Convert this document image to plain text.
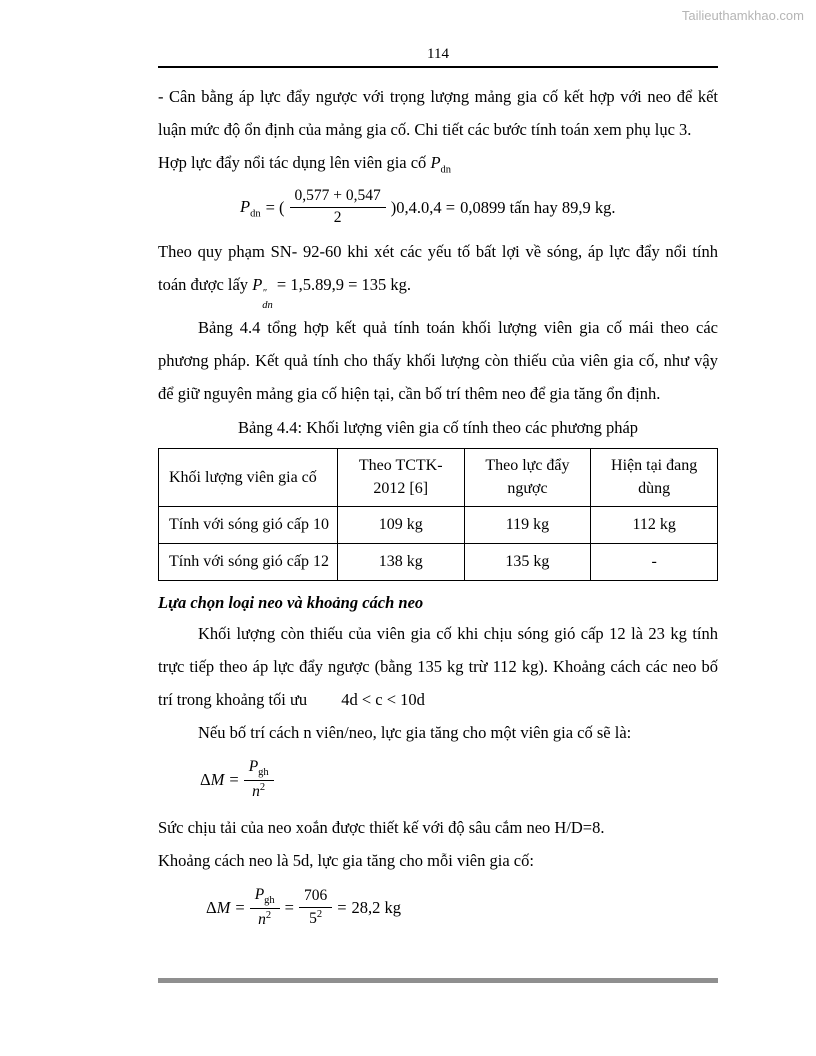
Tailieuthamkhao.com
114

- Cân bằng áp lực đẩy ngược với trọng lượng mảng gia cố kết hợp với neo để kết luận mức độ ổn định của mảng gia cố. Chi tiết các bước tính toán xem phụ lục 3.

Hợp lực đẩy nổi tác dụng lên viên gia cố $P_{dn}$

$P_{dn}$ = ( $\frac{0,577 + 0,547}{2} )0,4.0,4 = 0,0899$ tấn hay 89,9 kg.

Theo quy phạm SN- 92-60 khi xét các yếu tố bất lợi về sóng, áp lực đẩy nổi tính toán được lấy P ″
dn
= 1,5.89,9 = 135 kg.

Bảng 4.4 tổng hợp kết quả tính toán khối lượng viên gia cố mái theo các phương pháp. Kết quả tính cho thấy khối lượng còn thiếu của viên gia cố, như vậy để giữ nguyên mảng gia cố hiện tại, cần bố trí thêm neo để gia tăng ổn định.

Bảng 4.4: Khối lượng viên gia cố tính theo các phương pháp
Khối lượng viên gia cố	Theo TCTK-2012 [6]	Theo lực đẩy ngược	Hiện tại đang dùng
Tính với sóng gió cấp 10	109 kg	119 kg	112 kg
Tính với sóng gió cấp 12	138 kg	135 kg	-
Lựa chọn loại neo và khoảng cách neo

Khối lượng còn thiếu của viên gia cố khi chịu sóng gió cấp 12 là 23 kg tính trực tiếp theo áp lực đẩy ngược (bằng 135 kg trừ 112 kg). Khoảng cách các neo bố trí trong khoảng tối ưu 4d < c < 10d

Nếu bố trí cách n viên/neo, lực gia tăng cho một viên gia cố sẽ là:

$\Delta M = \frac{P_{gh}}{n^2}$

Sức chịu tải của neo xoắn được thiết kế với độ sâu cắm neo H/D=8.

Khoảng cách neo là 5d, lực gia tăng cho mỗi viên gia cố:

$\Delta M = \frac{P_{gh}}{n^2} = \frac{706}{5^2} = 28,2$ kg
